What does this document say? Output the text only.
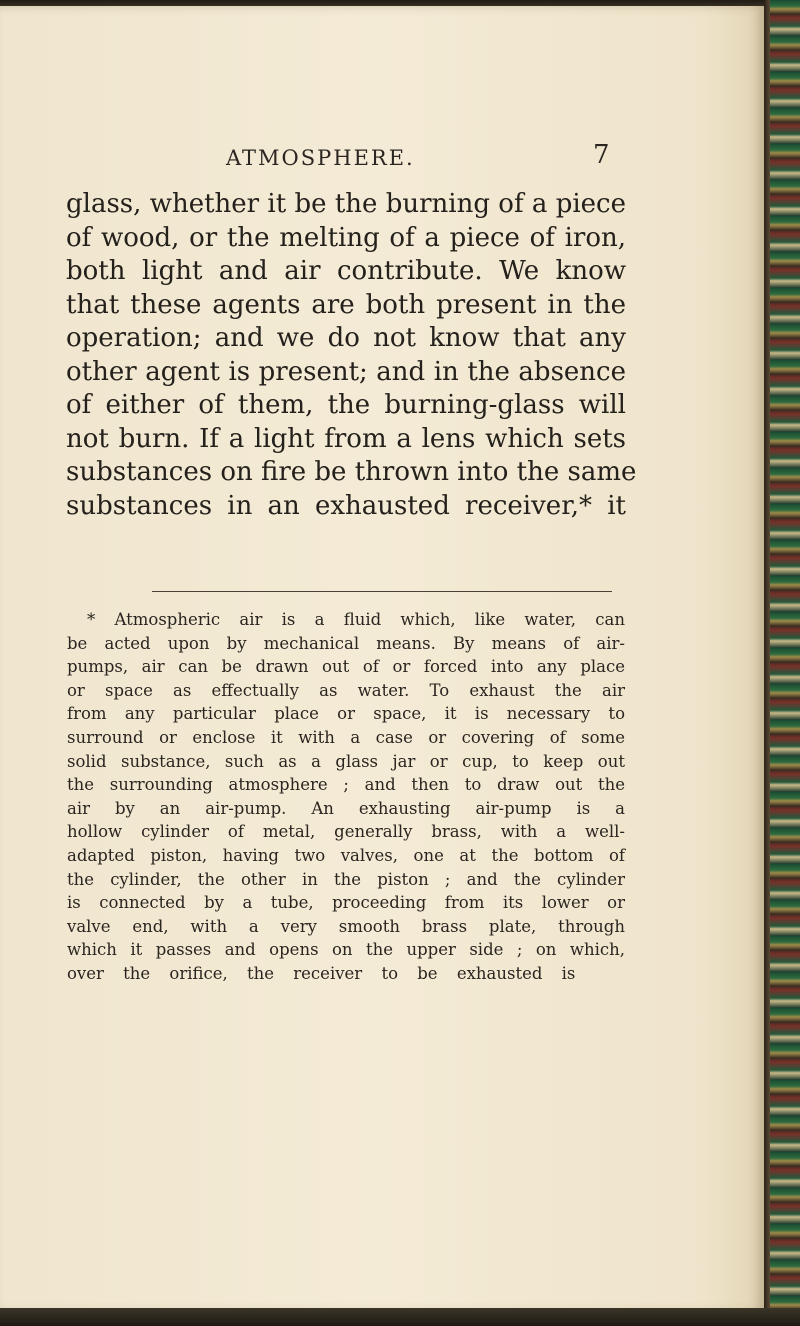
ATMOSPHERE.	7
glass, whether it be the burning of a piece
of wood, or the melting of a piece of iron,
both light and air contribute. We know
that these agents are both present in the
operation; and we do not know that any
other agent is present; and in the absence
of either of them, the burning-glass will
not burn. If a light from a lens which sets
substances on fire be thrown into the same
substances in an exhausted receiver,* it
* Atmospheric air is a fluid which, like water, can
be acted upon by mechanical means. By means of air-
pumps, air can be drawn out of or forced into any place
or space as effectually as water. To exhaust the air
from any particular place or space, it is necessary to
surround or enclose it with a case or covering of some
solid substance, such as a glass jar or cup, to keep out
the surrounding atmosphere ; and then to draw out the
air by an air-pump. An exhausting air-pump is a
hollow cylinder of metal, generally brass, with a well-
adapted piston, having two valves, one at the bottom of
the cylinder, the other in the piston ; and the cylinder
is connected by a tube, proceeding from its lower or
valve end, with a very smooth brass plate, through
which it passes and opens on the upper side ; on which,
over the orifice, the receiver to be exhausted is
